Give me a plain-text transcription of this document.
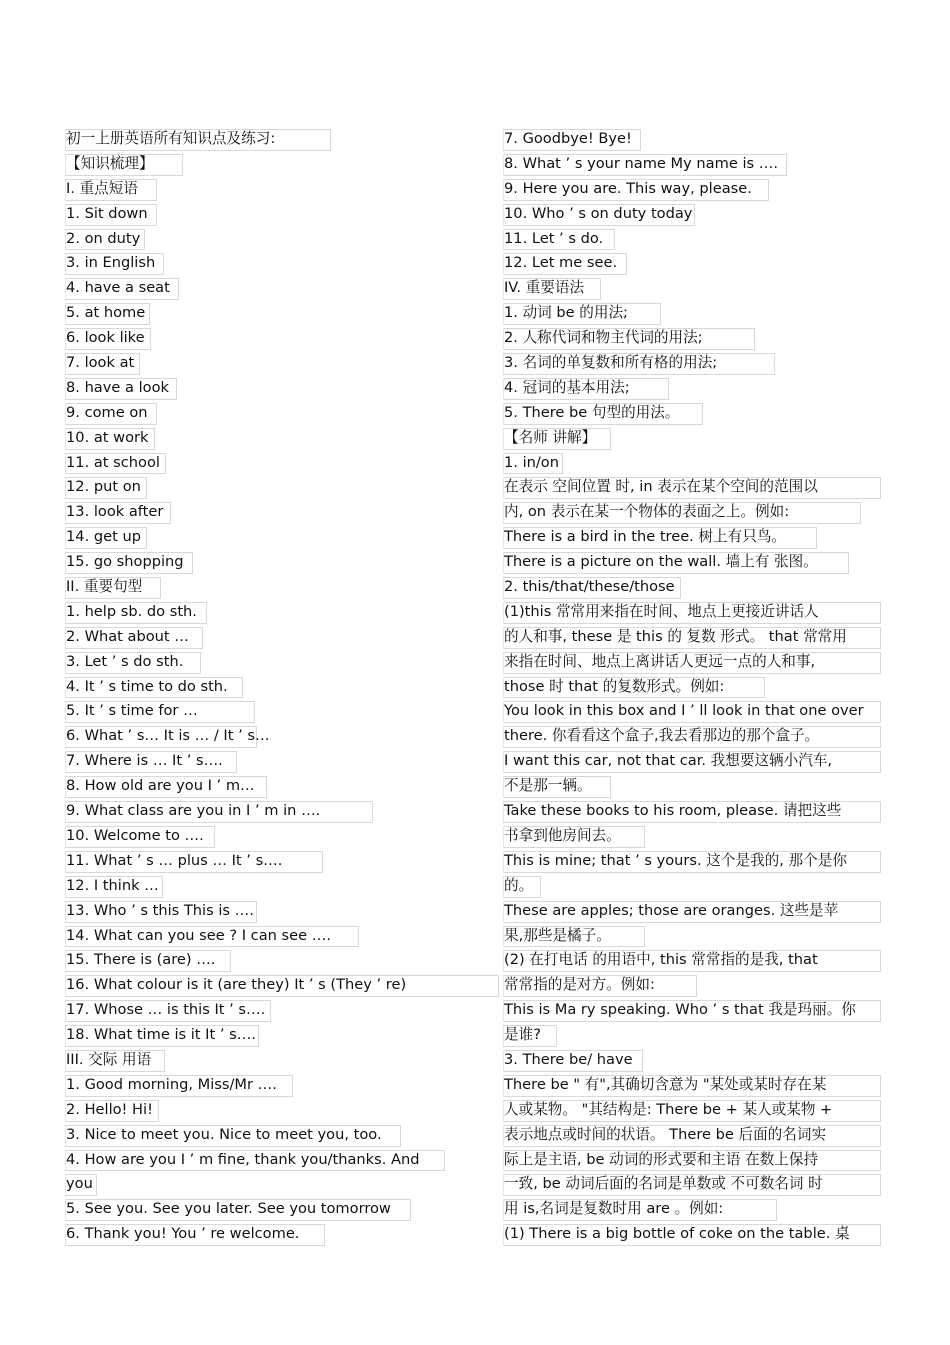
初一上册英语所有知识点及练习:
【知识梳理】
I. 重点短语
1. Sit down
2. on duty
3. in English
4. have a seat
5. at home
6. look like
7. look at
8. have a look
9. come on
10. at work
11. at school
12. put on
13. look after
14. get up
15. go shopping
II. 重要句型
1. help sb. do sth.
2. What about …
3. Let ’ s do sth.
4. It ’ s time to do sth.
5. It ’ s time for …
6. What ’ s… It is … / It ’ s…
7. Where is … It ’ s….
8. How old are you I ’ m…
9. What class are you in I ’ m in ….
10. Welcome to ….
11. What ’ s … plus … It ’ s….
12. I think …
13. Who ’ s this This is ….
14. What can you see ? I can see ….
15. There is (are) ….
16. What colour is it (are they) It ’ s (They ’ re)
17. Whose … is this It ’ s….
18. What time is it It ’ s….
III. 交际 用语
1. Good morning, Miss/Mr ….
2. Hello! Hi!
3. Nice to meet you. Nice to meet you, too.
4. How are you I ’ m fine, thank you/thanks. And
you
5. See you. See you later. See you tomorrow
6. Thank you! You ’ re welcome.
7. Goodbye! Bye!
8. What ’ s your name My name is ….
9. Here you are. This way, please.
10. Who ’ s on duty today
11. Let ’ s do.
12. Let me see.
IV. 重要语法
1. 动词 be 的用法;
2. 人称代词和物主代词的用法;
3. 名词的单复数和所有格的用法;
4. 冠词的基本用法;
5. There be 句型的用法。
【名师 讲解】
1. in/on
在表示 空间位置 时, in 表示在某个空间的范围以
内, on 表示在某一个物体的表面之上。例如:
There is a bird in the tree. 树上有只鸟。
There is a picture on the wall. 墙上有 张图。
2. this/that/these/those
(1)this 常常用来指在时间、地点上更接近讲话人
的人和事, these 是 this 的 复数 形式。 that 常常用
来指在时间、地点上离讲话人更远一点的人和事,
those 时 that 的复数形式。例如:
You look in this box and I ’ ll look in that one over
there. 你看看这个盒子,我去看那边的那个盒子。
I want this car, not that car. 我想要这辆小汽车,
不是那一辆。
Take these books to his room, please. 请把这些
书拿到他房间去。
This is mine; that ’ s yours. 这个是我的, 那个是你
的。
These are apples; those are oranges. 这些是苹
果,那些是橘子。
(2) 在打电话 的用语中, this 常常指的是我, that
常常指的是对方。例如:
This is Ma ry speaking. Who ’ s that 我是玛丽。你
是谁?
3. There be/ have
There be " 有",其确切含意为 "某处或某时存在某
人或某物。 "其结构是: There be + 某人或某物 +
表示地点或时间的状语。 There be 后面的名词实
际上是主语, be 动词的形式要和主语 在数上保持
一致, be 动词后面的名词是单数或 不可数名词 时
用 is,名词是复数时用 are 。例如:
(1) There is a big bottle of coke on the table. 桌
